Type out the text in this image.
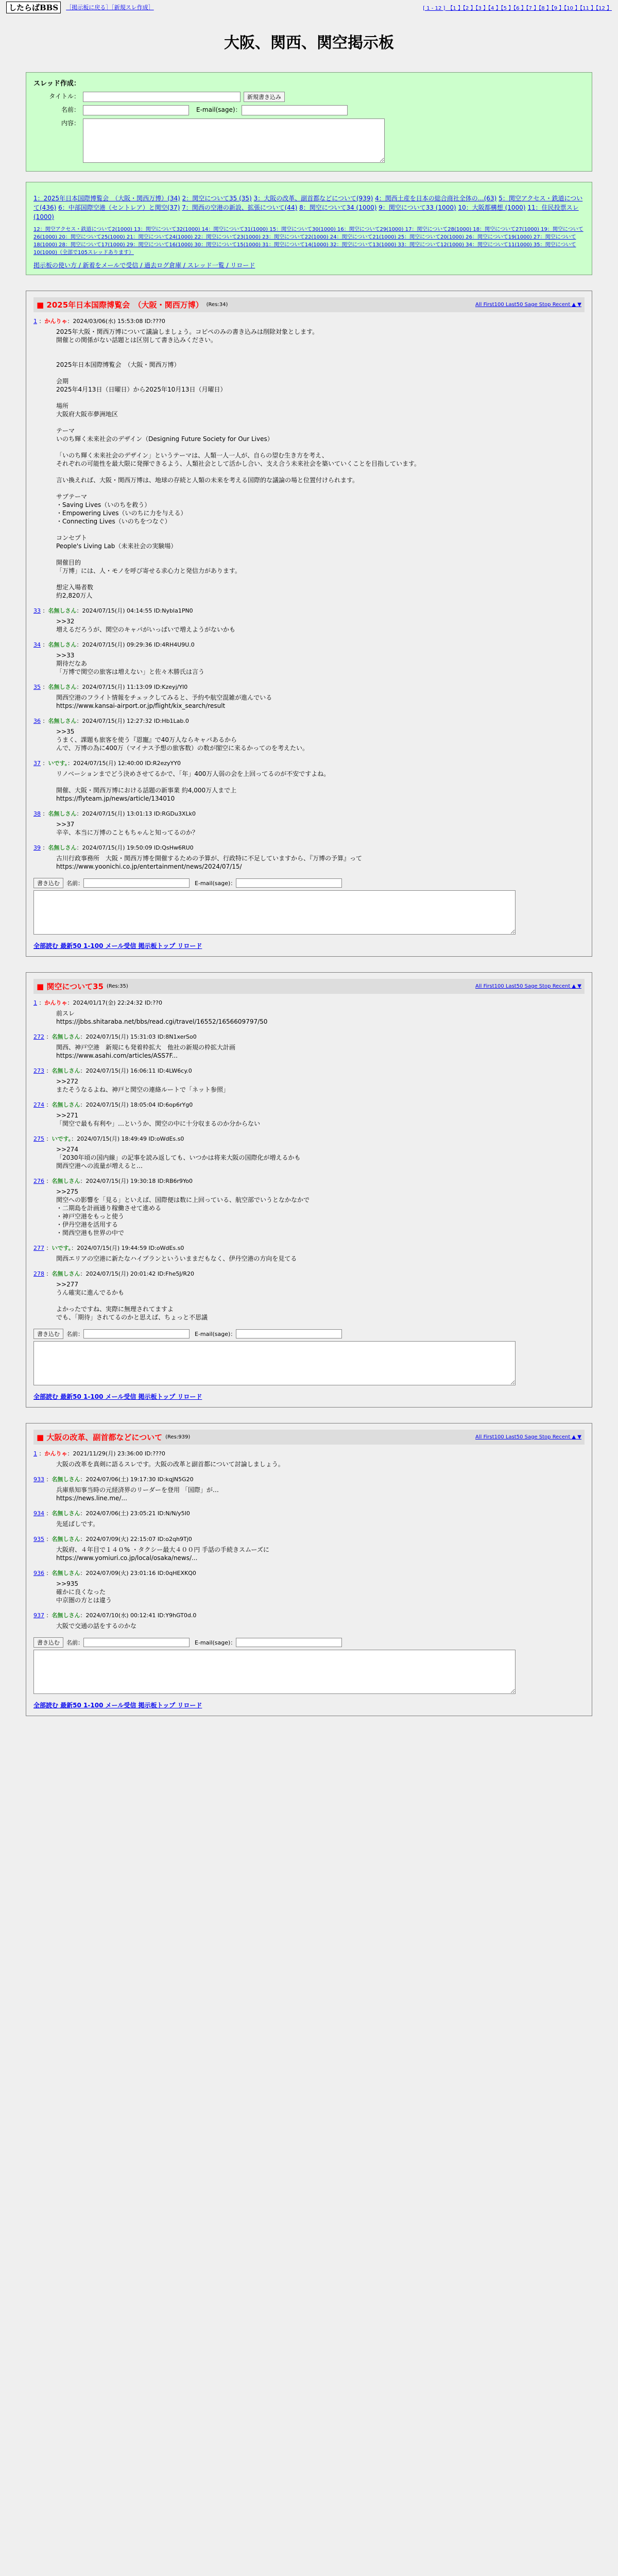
したらばBBS	［掲示板に戻る］［新規スレ作成］	[ 1 - 12 ]　【1 】【2 】【3 】【4 】【5 】【6 】【7 】【8 】【9 】【10 】【11 】【12 】
大阪、関西、関空掲示板
スレッド作成：
タイトル：	新規書き込み
名前：	E-mail(sage)：
内容：
1：2025年日本国際博覧会　（大阪・関西万博）(34) 2：関空について35 (35) 3：大阪の改革、副首都などについて(939) 4：関西土産を日本の総合商社全体の…(63) 5：関空アクセス・鉄道について(436) 6：中部国際空港（セントレア）と関空(37) 7：関西の空港の新設、拡張について(44) 8：関空について34 (1000) 9：関空について33 (1000) 10：大阪都構想 (1000) 11：住民投票スレ(1000)
12：関空アクセス・鉄道について2(1000) 13：関空について32(1000) 14：関空について31(1000) 15：関空について30(1000) 16：関空について29(1000) 17：関空について28(1000) 18：関空について27(1000) 19：関空について26(1000) 20：関空について25(1000) 21：関空について24(1000) 22：関空について23(1000) 23：関空について22(1000) 24：関空について21(1000) 25：関空について20(1000) 26：関空について19(1000) 27：関空について18(1000) 28：関空について17(1000) 29：関空について16(1000) 30：関空について15(1000) 31：関空について14(1000) 32：関空について13(1000) 33：関空について12(1000) 34：関空について11(1000) 35：関空について10(1000)（全部で105スレッドあります）
掲示板の使い方 / 新着をメールで受信 / 過去ログ倉庫 / スレッド一覧 / リロード
■ 2025年日本国際博覧会　（大阪・関西万博） (Res:34)	All First100 Last50 Sage Stop Recent ▲ ▼
1 ：かんりゃ：2024/03/06(水) 15:53:08 ID:???0
2025年大阪・関西万博について議論しましょう。コピペのみの書き込みは削除対象とします。
開催との関係がない話題とは区別して書き込みください。

2025年日本国際博覧会　（大阪・関西万博）

会期
2025年4月13日（日曜日）から2025年10月13日（月曜日）

場所
大阪府大阪市夢洲地区

テーマ
いのち輝く未来社会のデザイン（Designing Future Society for Our Lives）

「いのち輝く未来社会のデザイン」というテーマは、人類一人一人が、自らの望む生き方を考え、
それぞれの可能性を最大限に発揮できるよう、人類社会として活かし合い、支え合う未来社会を築いていくことを目指しています。

言い換えれば、大阪・関西万博は、地球の存続と人類の未来を考える国際的な議論の場と位置付けられます。

サブテーマ
・Saving Lives（いのちを救う）
・Empowering Lives（いのちに力を与える）
・Connecting Lives（いのちをつなぐ）

コンセプト
People's Living Lab（未来社会の実験場）

開催目的
「万博」には、人・モノを呼び寄せる求心力と発信力があります。

想定入場者数
約2,820万人
33 ：名無しさん：2024/07/15(月) 04:14:55 ID:Nybla1PN0
>>32
増えるだろうが、関空のキャパがいっぱいで増えようがないかも
34 ：名無しさん：2024/07/15(月) 09:29:36 ID:4RH4U9U.0
>>33
期待だなあ
「万博で関空の旅客は増えない」と佐々木勝氏は言う
35 ：名無しさん：2024/07/15(月) 11:13:09 ID:Kzeyj/YI0
関西空港のフライト情報をチェックしてみると、予約や航空混雑が進んでいる
https://www.kansai-airport.or.jp/flight/kix_search/result
36 ：名無しさん：2024/07/15(月) 12:27:32 ID:Hb1Lab.0
>>35
うまく、課題も旅客を使う『恩寵』で40万人ならキャパあるから
んで、万博の為に400万（マイナス予想の旅客数）の数が閣空に来るかってのを考えたい。
37 ：いです。：2024/07/15(月) 12:40:00 ID:R2ezyYY0
リノベーションまでどう決めさせてるかで、「年」400万人弱の会を上回ってるのが不安ですよね。

開催、大阪・関西万博における話題の新事業 約4,000万人まで上
https://flyteam.jp/news/article/134010
38 ：名無しさん：2024/07/15(月) 13:01:13 ID:RGDu3XLk0
>>37
辛辛、本当に万博のこともちゃんと知ってるのか？
39 ：名無しさん：2024/07/15(月) 19:50:09 ID:QsHw6RU0
古川行政事務所　大阪・関西万博を開催するための予算が、行政特に不足していますから、『万博の予算』って
https://www.yoonichi.co.jp/entertainment/news/2024/07/15/
書き込む	名前：	E-mail(sage)：
全部読む 最新50 1-100 メール受信 掲示板トップ リロード
■ 関空について35 (Res:35)	All First100 Last50 Sage Stop Recent ▲ ▼
1 ：かんりゃ：2024/01/17(金) 22:24:32 ID:??0
前スレ
https://jbbs.shitaraba.net/bbs/read.cgi/travel/16552/1656609797/50
272 ：名無しさん：2024/07/15(月) 15:31:03 ID:8N1xerSo0
関西、神戸空港　新規にも発着枠拡大　他社の新規の枠拡大計画
https://www.asahi.com/articles/ASS7F...
273 ：名無しさん：2024/07/15(月) 16:06:11 ID:4LW6cy.0
>>272
またそうなるよね、神戸と関空の連絡ルートで「ネット参照」
274 ：名無しさん：2024/07/15(月) 18:05:04 ID:6op6rYg0
>>271
「関空で最も有利や」…というか、関空の中に十分収まるのか分からない
275 ：いです。：2024/07/15(月) 18:49:49 ID:oWdEs.s0
>>274
「2030年頃の国内線」の記事を読み返しても、いつかは将来大阪の国際化が増えるかも
関西空港への流量が増えると…
276 ：名無しさん：2024/07/15(月) 19:30:18 ID:RB6r9Yo0
>>275
関空への影響を「見る」といえば、国際便は数に上回っている、航空部でいうとなかなかで
・二期島を計画通り稼働させて進める
・神戸空港をもっと使う
・伊丹空港を活用する
・関西空港も世界の中で
277 ：いです。：2024/07/15(月) 19:44:59 ID:oWdEs.s0
関西エリアの空港に新たなハイプランといういままだもなく、伊丹空港の方向を見てる
278 ：名無しさん：2024/07/15(月) 20:01:42 ID:Fhe5J/R20
>>277
うん確実に進んでるかも

よかったですね、実際に無理されてますよ
でも、「期待」されてるのかと思えば、ちょっと不思議
書き込む	名前：	E-mail(sage)：
全部読む 最新50 1-100 メール受信 掲示板トップ リロード
■ 大阪の改革、副首都などについて (Res:939)	All First100 Last50 Sage Stop Recent ▲ ▼
1 ：かんりゃ：2021/11/29(月) 23:36:00 ID:???0
大阪の改革を真剣に語るスレです。大阪の改革と副首都について討論しましょう。
933 ：名無しさん：2024/07/06(土) 19:17:30 ID:kqJN5G20
兵庫県知事当時の元経済界のリーダーを登用 「国際」が…
https://news.line.me/...
934 ：名無しさん：2024/07/06(土) 23:05:21 ID:N/N/y5I0
先延ばしです。
935 ：名無しさん：2024/07/09(火) 22:15:07 ID:o2qh9Tj0
大阪府、４年目で１４０% ・タクシー最大４００円 手話の手続きスムーズに
https://www.yomiuri.co.jp/local/osaka/news/...
936 ：名無しさん：2024/07/09(火) 23:01:16 ID:0qHEXKQ0
>>935
確かに良くなった
中京圏の方とは違う
937 ：名無しさん：2024/07/10(水) 00:12:41 ID:Y9hGT0d.0
大阪で交通の話をするのかな
書き込む	名前：	E-mail(sage)：
全部読む 最新50 1-100 メール受信 掲示板トップ リロード
